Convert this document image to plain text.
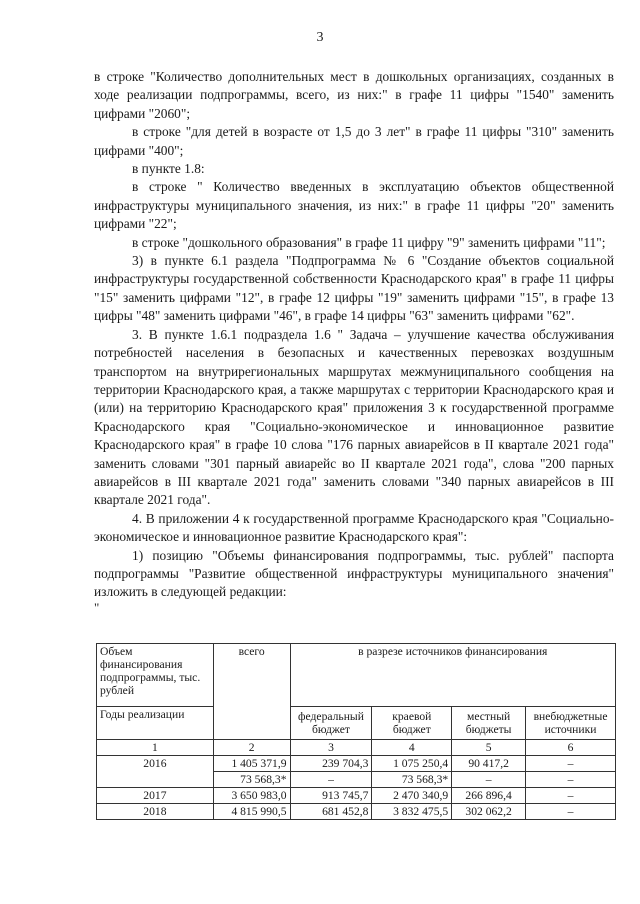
3

в строке "Количество дополнительных мест в дошкольных организациях, созданных в ходе реализации подпрограммы, всего, из них:" в графе 11 цифры "1540" заменить цифрами "2060";

в строке "для детей в возрасте от 1,5 до 3 лет" в графе 11 цифры "310" заменить цифрами "400";

в пункте 1.8:

в строке " Количество введенных в эксплуатацию объектов общественной инфраструктуры муниципального значения, из них:" в графе 11 цифры "20" заменить цифрами "22";

в строке "дошкольного образования" в графе 11 цифру "9" заменить цифрами "11";

3) в пункте 6.1 раздела "Подпрограмма № 6 "Создание объектов социальной инфраструктуры государственной собственности Краснодарского края" в графе 11 цифры "15" заменить цифрами "12", в графе 12 цифры "19" заменить цифрами "15", в графе 13 цифры "48" заменить цифрами "46", в графе 14 цифры "63" заменить цифрами "62".

3. В пункте 1.6.1 подраздела 1.6 " Задача – улучшение качества обслуживания потребностей населения в безопасных и качественных перевозках воздушным транспортом на внутрирегиональных маршрутах межмуниципального сообщения на территории Краснодарского края, а также маршрутах с территории Краснодарского края и (или) на территорию Краснодарского края" приложения 3 к государственной программе Краснодарского края "Социально-экономическое и инновационное развитие Краснодарского края" в графе 10 слова "176 парных авиарейсов в II квартале 2021 года" заменить словами "301 парный авиарейс во II квартале 2021 года", слова "200 парных авиарейсов в III квартале 2021 года" заменить словами "340 парных авиарейсов в III квартале 2021 года".

4. В приложении 4 к государственной программе Краснодарского края "Социально-экономическое и инновационное развитие Краснодарского края":

1) позицию "Объемы финансирования подпрограммы, тыс. рублей" паспорта подпрограммы "Развитие общественной инфраструктуры муниципального значения" изложить в следующей редакции:

"

Объем финансирования подпрограммы, тыс. рублей	всего	в разрезе источников финансирования			
Годы реализации		федеральный бюджет	краевой бюджет	местный бюджеты	внебюджетные источники
1	2	3	4	5	6
2016	1 405 371,9	239 704,3	1 075 250,4	90 417,2	–
	73 568,3*	–	73 568,3*	–	–
2017	3 650 983,0	913 745,7	2 470 340,9	266 896,4	–
2018	4 815 990,5	681 452,8	3 832 475,5	302 062,2	–
